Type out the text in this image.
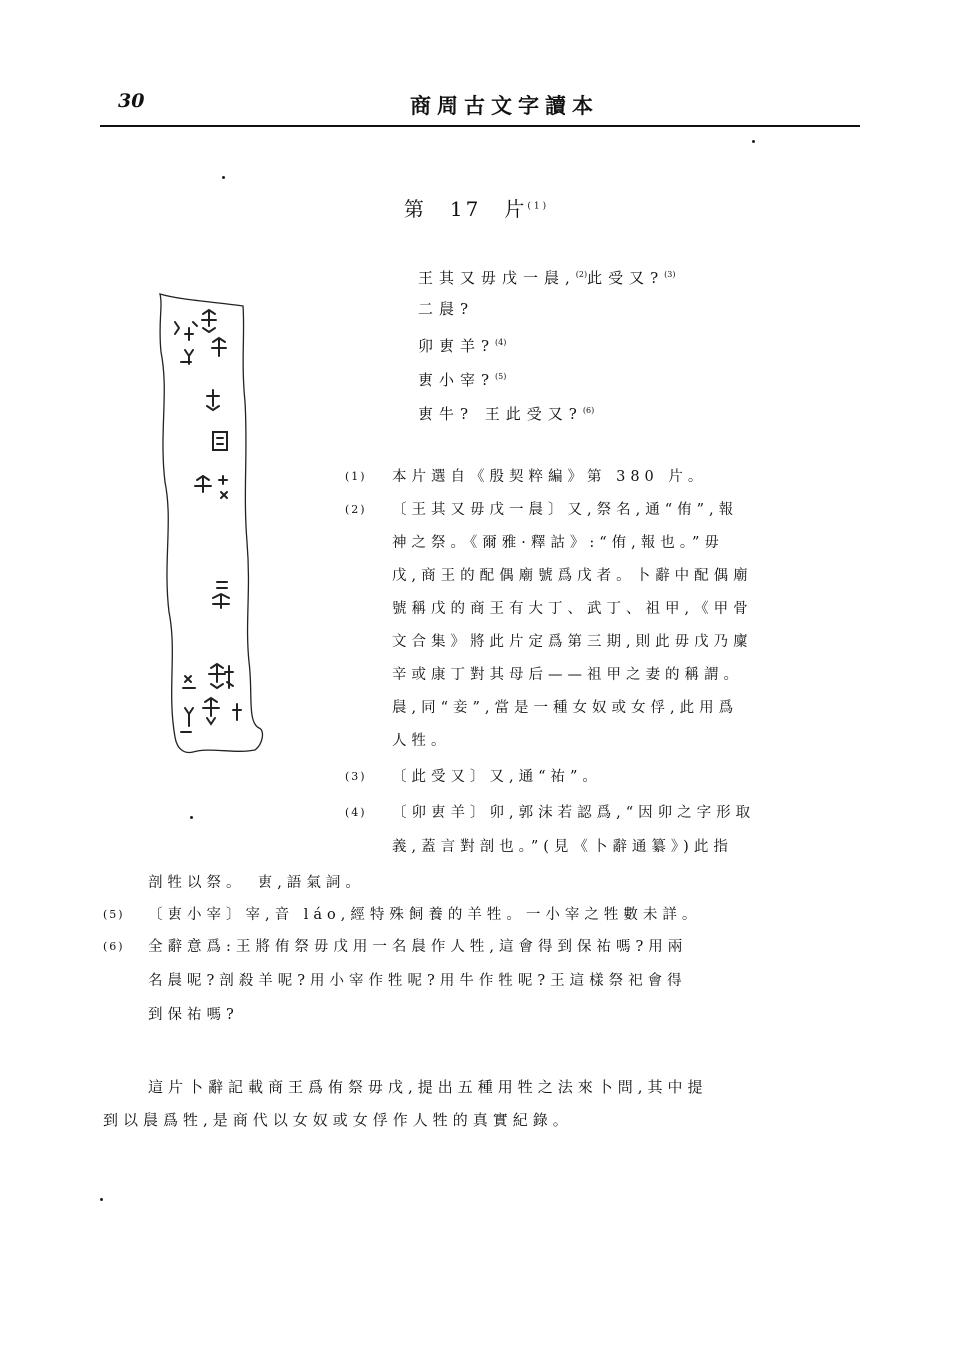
30	商周古文字讀本
第　17　片$^{(1)}$
王其又毋戊一䢅,$^{(2)}$此受又?$^{(3)}$
二䢅?
卯叀羊?$^{(4)}$
叀小宰?$^{(5)}$
叀牛? 王此受又?$^{(6)}$
(1) 本片選自《殷契粹編》第 380 片。
(2) 〔王其又毋戊一䢅〕又,祭名,通“侑”,報
神之祭。《爾雅·釋詁》:“侑,報也。”毋
戊,商王的配偶廟號爲戊者。卜辭中配偶廟
號稱戊的商王有大丁、武丁、祖甲,《甲骨
文合集》將此片定爲第三期,則此毋戊乃廩
辛或康丁對其母后——祖甲之妻的稱謂。
䢅,同“妾”,當是一種女奴或女俘,此用爲
人牲。
(3) 〔此受又〕又,通“祐”。
(4) 〔卯叀羊〕卯,郭沫若認爲,“因卯之字形取
義,蓋言對剖也。”(見《卜辭通纂》)此指
剖牲以祭。　叀,語氣詞。
(5) 〔叀小宰〕宰,音 láo,經特殊飼養的羊牲。一小宰之牲數未詳。
(6) 全辭意爲:王將侑祭毋戊用一名䢅作人牲,這會得到保祐嗎?用兩
名䢅呢?剖殺羊呢?用小宰作牲呢?用牛作牲呢?王這樣祭祀會得
到保祐嗎?
這片卜辭記載商王爲侑祭毋戊,提出五種用牲之法來卜問,其中提
到以䢅爲牲,是商代以女奴或女俘作人牲的真實紀錄。
